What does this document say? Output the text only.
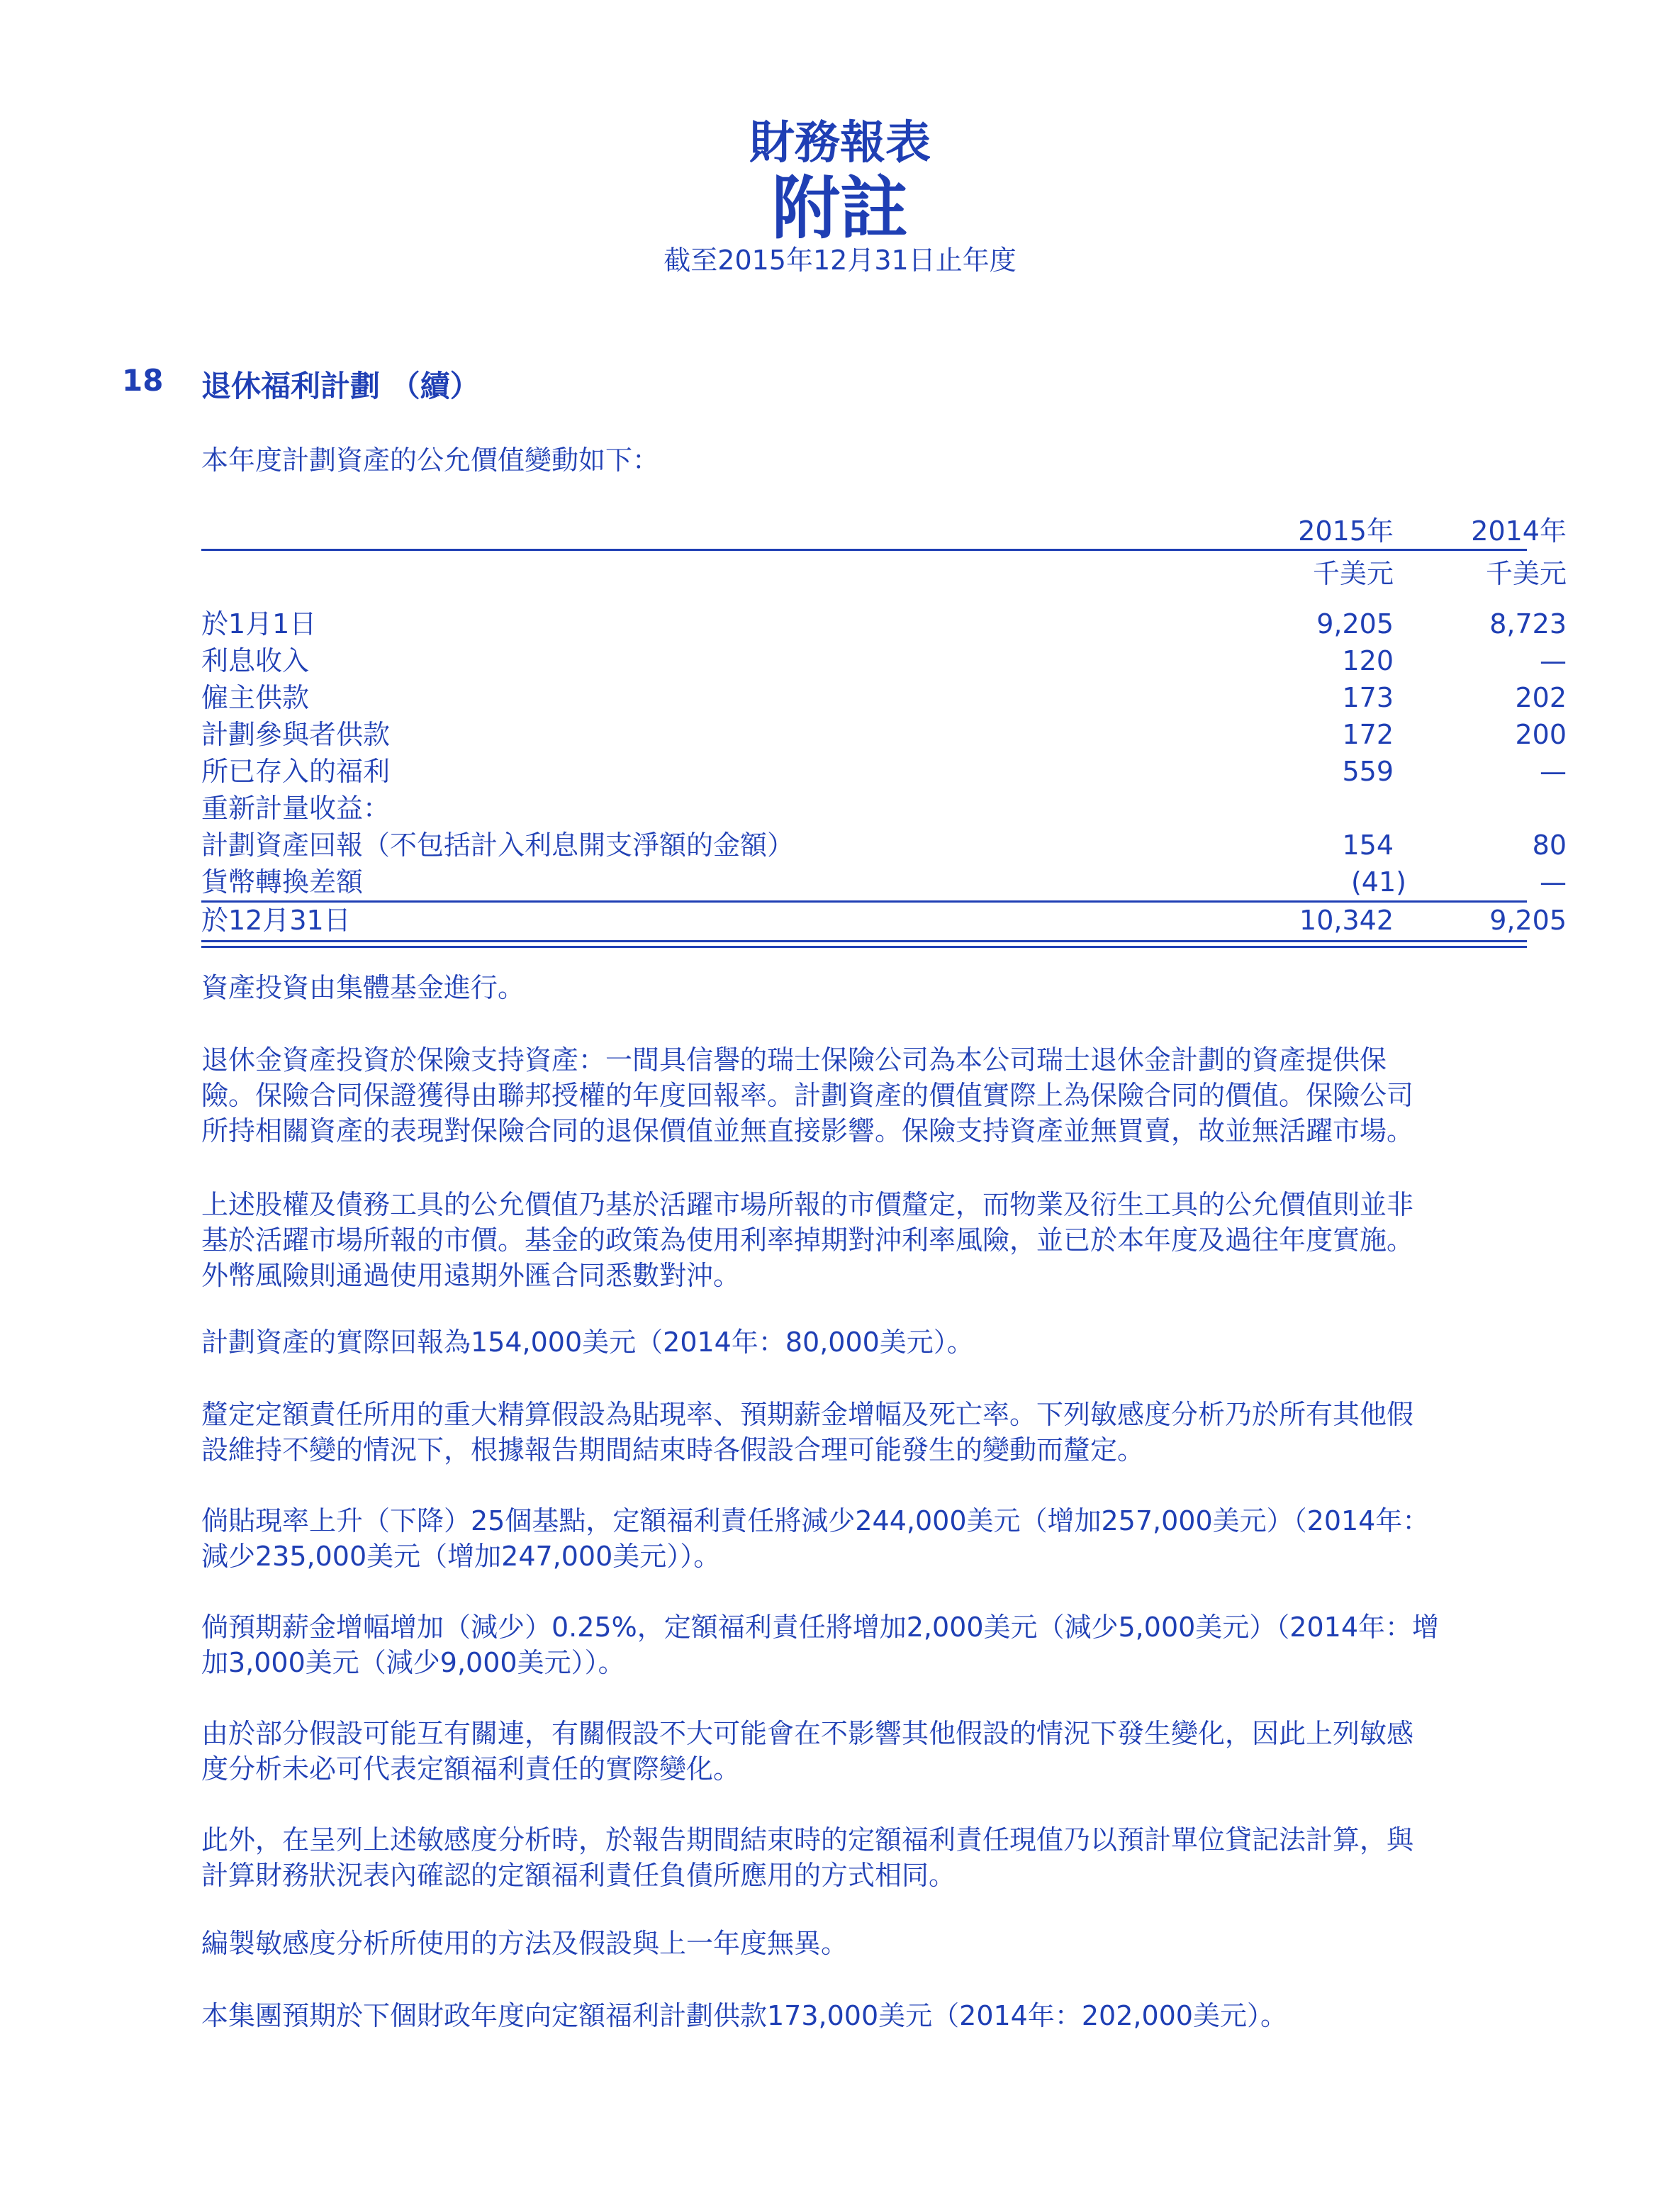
財務報表
附註
截至2015年12月31日止年度
18	退休福利計劃 （續）
本年度計劃資產的公允價值變動如下：
2015年	2014年
千美元	千美元
於1月1日	9,205	8,723
利息收入	120	—
僱主供款	173	202
計劃參與者供款	172	200
所已存入的福利	559	—
重新計量收益：
計劃資產回報（不包括計入利息開支淨額的金額）	154	80
貨幣轉換差額	(41)	—
於12月31日	10,342	9,205
資產投資由集體基金進行。
退休金資產投資於保險支持資產：一間具信譽的瑞士保險公司為本公司瑞士退休金計劃的資產提供保
險。保險合同保證獲得由聯邦授權的年度回報率。計劃資產的價值實際上為保險合同的價值。保險公司
所持相關資產的表現對保險合同的退保價值並無直接影響。保險支持資產並無買賣，故並無活躍市場。
上述股權及債務工具的公允價值乃基於活躍市場所報的市價釐定，而物業及衍生工具的公允價值則並非
基於活躍市場所報的市價。基金的政策為使用利率掉期對沖利率風險，並已於本年度及過往年度實施。
外幣風險則通過使用遠期外匯合同悉數對沖。
計劃資產的實際回報為154,000美元（2014年：80,000美元）。
釐定定額責任所用的重大精算假設為貼現率、預期薪金增幅及死亡率。下列敏感度分析乃於所有其他假
設維持不變的情況下，根據報告期間結束時各假設合理可能發生的變動而釐定。
倘貼現率上升（下降）25個基點，定額福利責任將減少244,000美元（增加257,000美元）（2014年：
減少235,000美元（增加247,000美元））。
倘預期薪金增幅增加（減少）0.25%，定額福利責任將增加2,000美元（減少5,000美元）（2014年：增
加3,000美元（減少9,000美元））。
由於部分假設可能互有關連，有關假設不大可能會在不影響其他假設的情況下發生變化，因此上列敏感
度分析未必可代表定額福利責任的實際變化。
此外，在呈列上述敏感度分析時，於報告期間結束時的定額福利責任現值乃以預計單位貸記法計算，與
計算財務狀況表內確認的定額福利責任負債所應用的方式相同。
編製敏感度分析所使用的方法及假設與上一年度無異。
本集團預期於下個財政年度向定額福利計劃供款173,000美元（2014年：202,000美元）。
